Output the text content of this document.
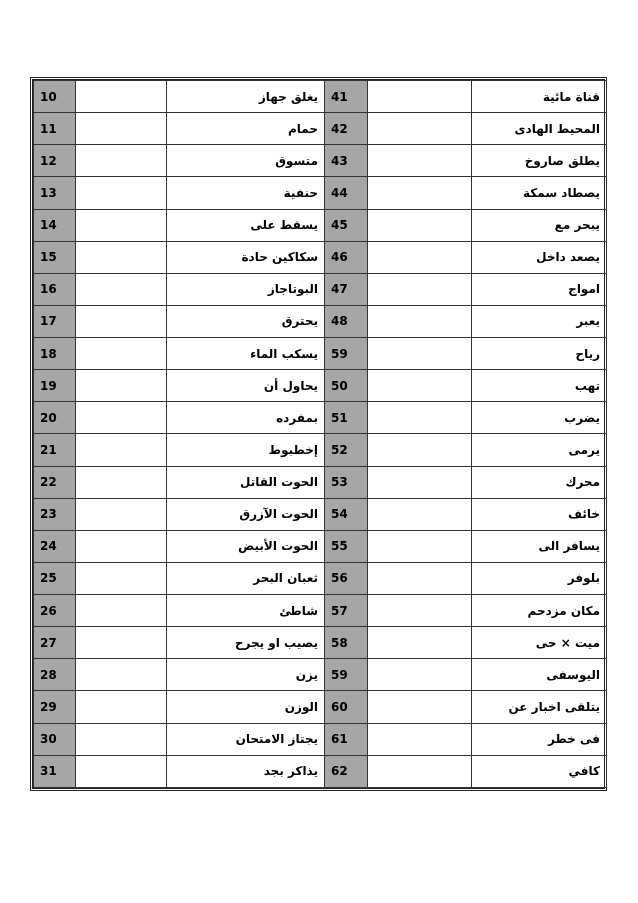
10		يغلق جهاز	41		قناة مائية
11		حمام	42		المحيط الهادى
12		متسوق	43		يطلق صاروخ
13		حنفية	44		يصطاد سمكة
14		يسقط على	45		يبحر مع
15		سكاكين حادة	46		يصعد داخل
16		البوتاجاز	47		امواج
17		يحترق	48		يعبر
18		يسكب الماء	59		رياح
19		يحاول أن	50		تهب
20		بمفرده	51		يضرب
21		إخطبوط	52		يرمى
22		الحوت القاتل	53		محرك
23		الحوت الآزرق	54		خائف
24		الحوت الأبيض	55		يسافر الى
25		ثعبان البحر	56		بلوفر
26		شاطئ	57		مكان مزدحم
27		يصيب او يجرح	58		ميت × حى
28		يزن	59		اليوسفى
29		الوزن	60		يتلقى اخبار عن
30		يجتاز الامتحان	61		فى خطر
31		يذاكر بجد	62		كافي
